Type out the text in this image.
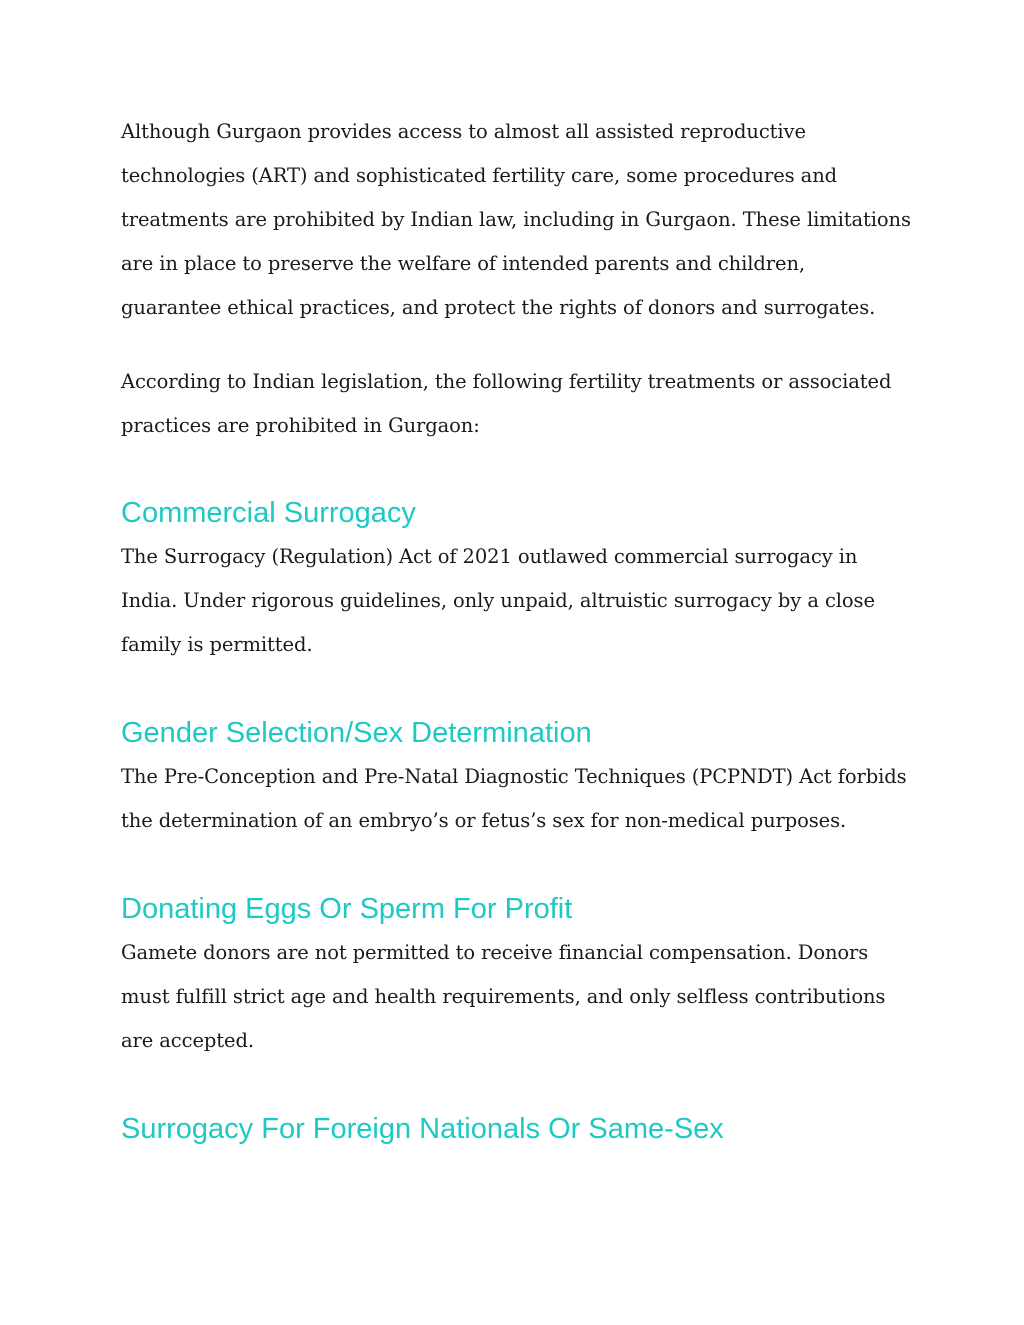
Although Gurgaon provides access to almost all assisted reproductive technologies (ART) and sophisticated fertility care, some procedures and treatments are prohibited by Indian law, including in Gurgaon. These limitations are in place to preserve the welfare of intended parents and children, guarantee ethical practices, and protect the rights of donors and surrogates.

According to Indian legislation, the following fertility treatments or associated practices are prohibited in Gurgaon:

Commercial Surrogacy

The Surrogacy (Regulation) Act of 2021 outlawed commercial surrogacy in India. Under rigorous guidelines, only unpaid, altruistic surrogacy by a close family is permitted.

Gender Selection/Sex Determination

The Pre-Conception and Pre-Natal Diagnostic Techniques (PCPNDT) Act forbids the determination of an embryo’s or fetus’s sex for non-medical purposes.

Donating Eggs Or Sperm For Profit

Gamete donors are not permitted to receive financial compensation. Donors must fulfill strict age and health requirements, and only selfless contributions are accepted.

Surrogacy For Foreign Nationals Or Same-Sex
